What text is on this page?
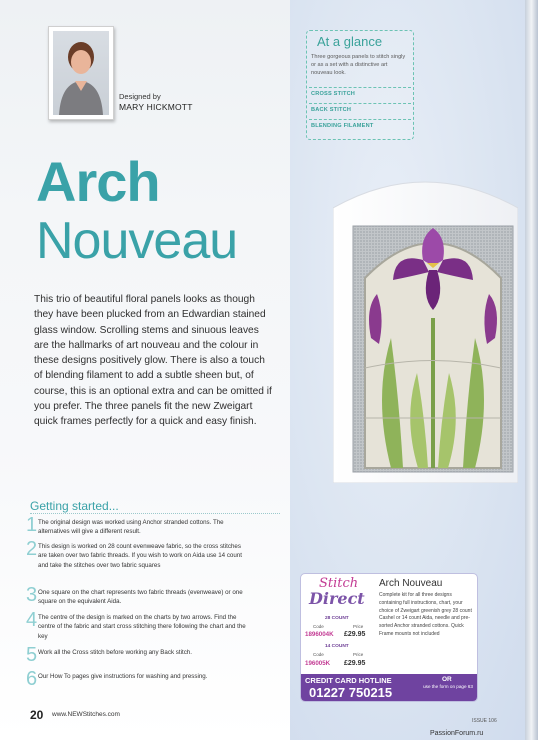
Designed by
MARY HICKMOTT
Arch
Nouveau
This trio of beautiful floral panels looks as though they have been plucked from an Edwardian stained glass window. Scrolling stems and sinuous leaves are the hallmarks of art nouveau and the colour in these designs positively glow. There is also a touch of blending filament to add a subtle sheen but, of course, this is an optional extra and can be omitted if you prefer. The three panels fit the new Zweigart quick frames perfectly for a quick and easy finish.
Getting started...
1 The original design was worked using Anchor stranded cottons. The alternatives will give a different result.
2 This design is worked on 28 count evenweave fabric, so the cross stitches are taken over two fabric threads. If you wish to work on Aida use 14 count and take the stitches over two fabric squares
3 One square on the chart represents two fabric threads (evenweave) or one square on the equivalent Aida.
4 The centre of the design is marked on the charts by two arrows. Find the centre of the fabric and start cross stitching there following the chart and the key
5 Work all the Cross stitch before working any Back stitch.
6 Our How To pages give instructions for washing and pressing.
20 www.NEWStitches.com
ISSUE 106
PassionForum.ru
At a glance
Three gorgeous panels to stitch singly or as a set with a distinctive art nouveau look.
CROSS STITCH
BACK STITCH
BLENDING FILAMENT
Stitch
Direct
28 COUNT
Code	Price
1896004K £29.95
14 COUNT
Code	Price
196005K £29.95
Arch Nouveau
Complete kit for all three designs containing full instructions, chart, your choice of Zweigart greenish grey 28 count Cashel or 14 count Aida, needle and pre-sorted Anchor stranded cottons. Quick Frame mounts not included
CREDIT CARD HOTLINE
01227 750215
OR
use the form on page 63
